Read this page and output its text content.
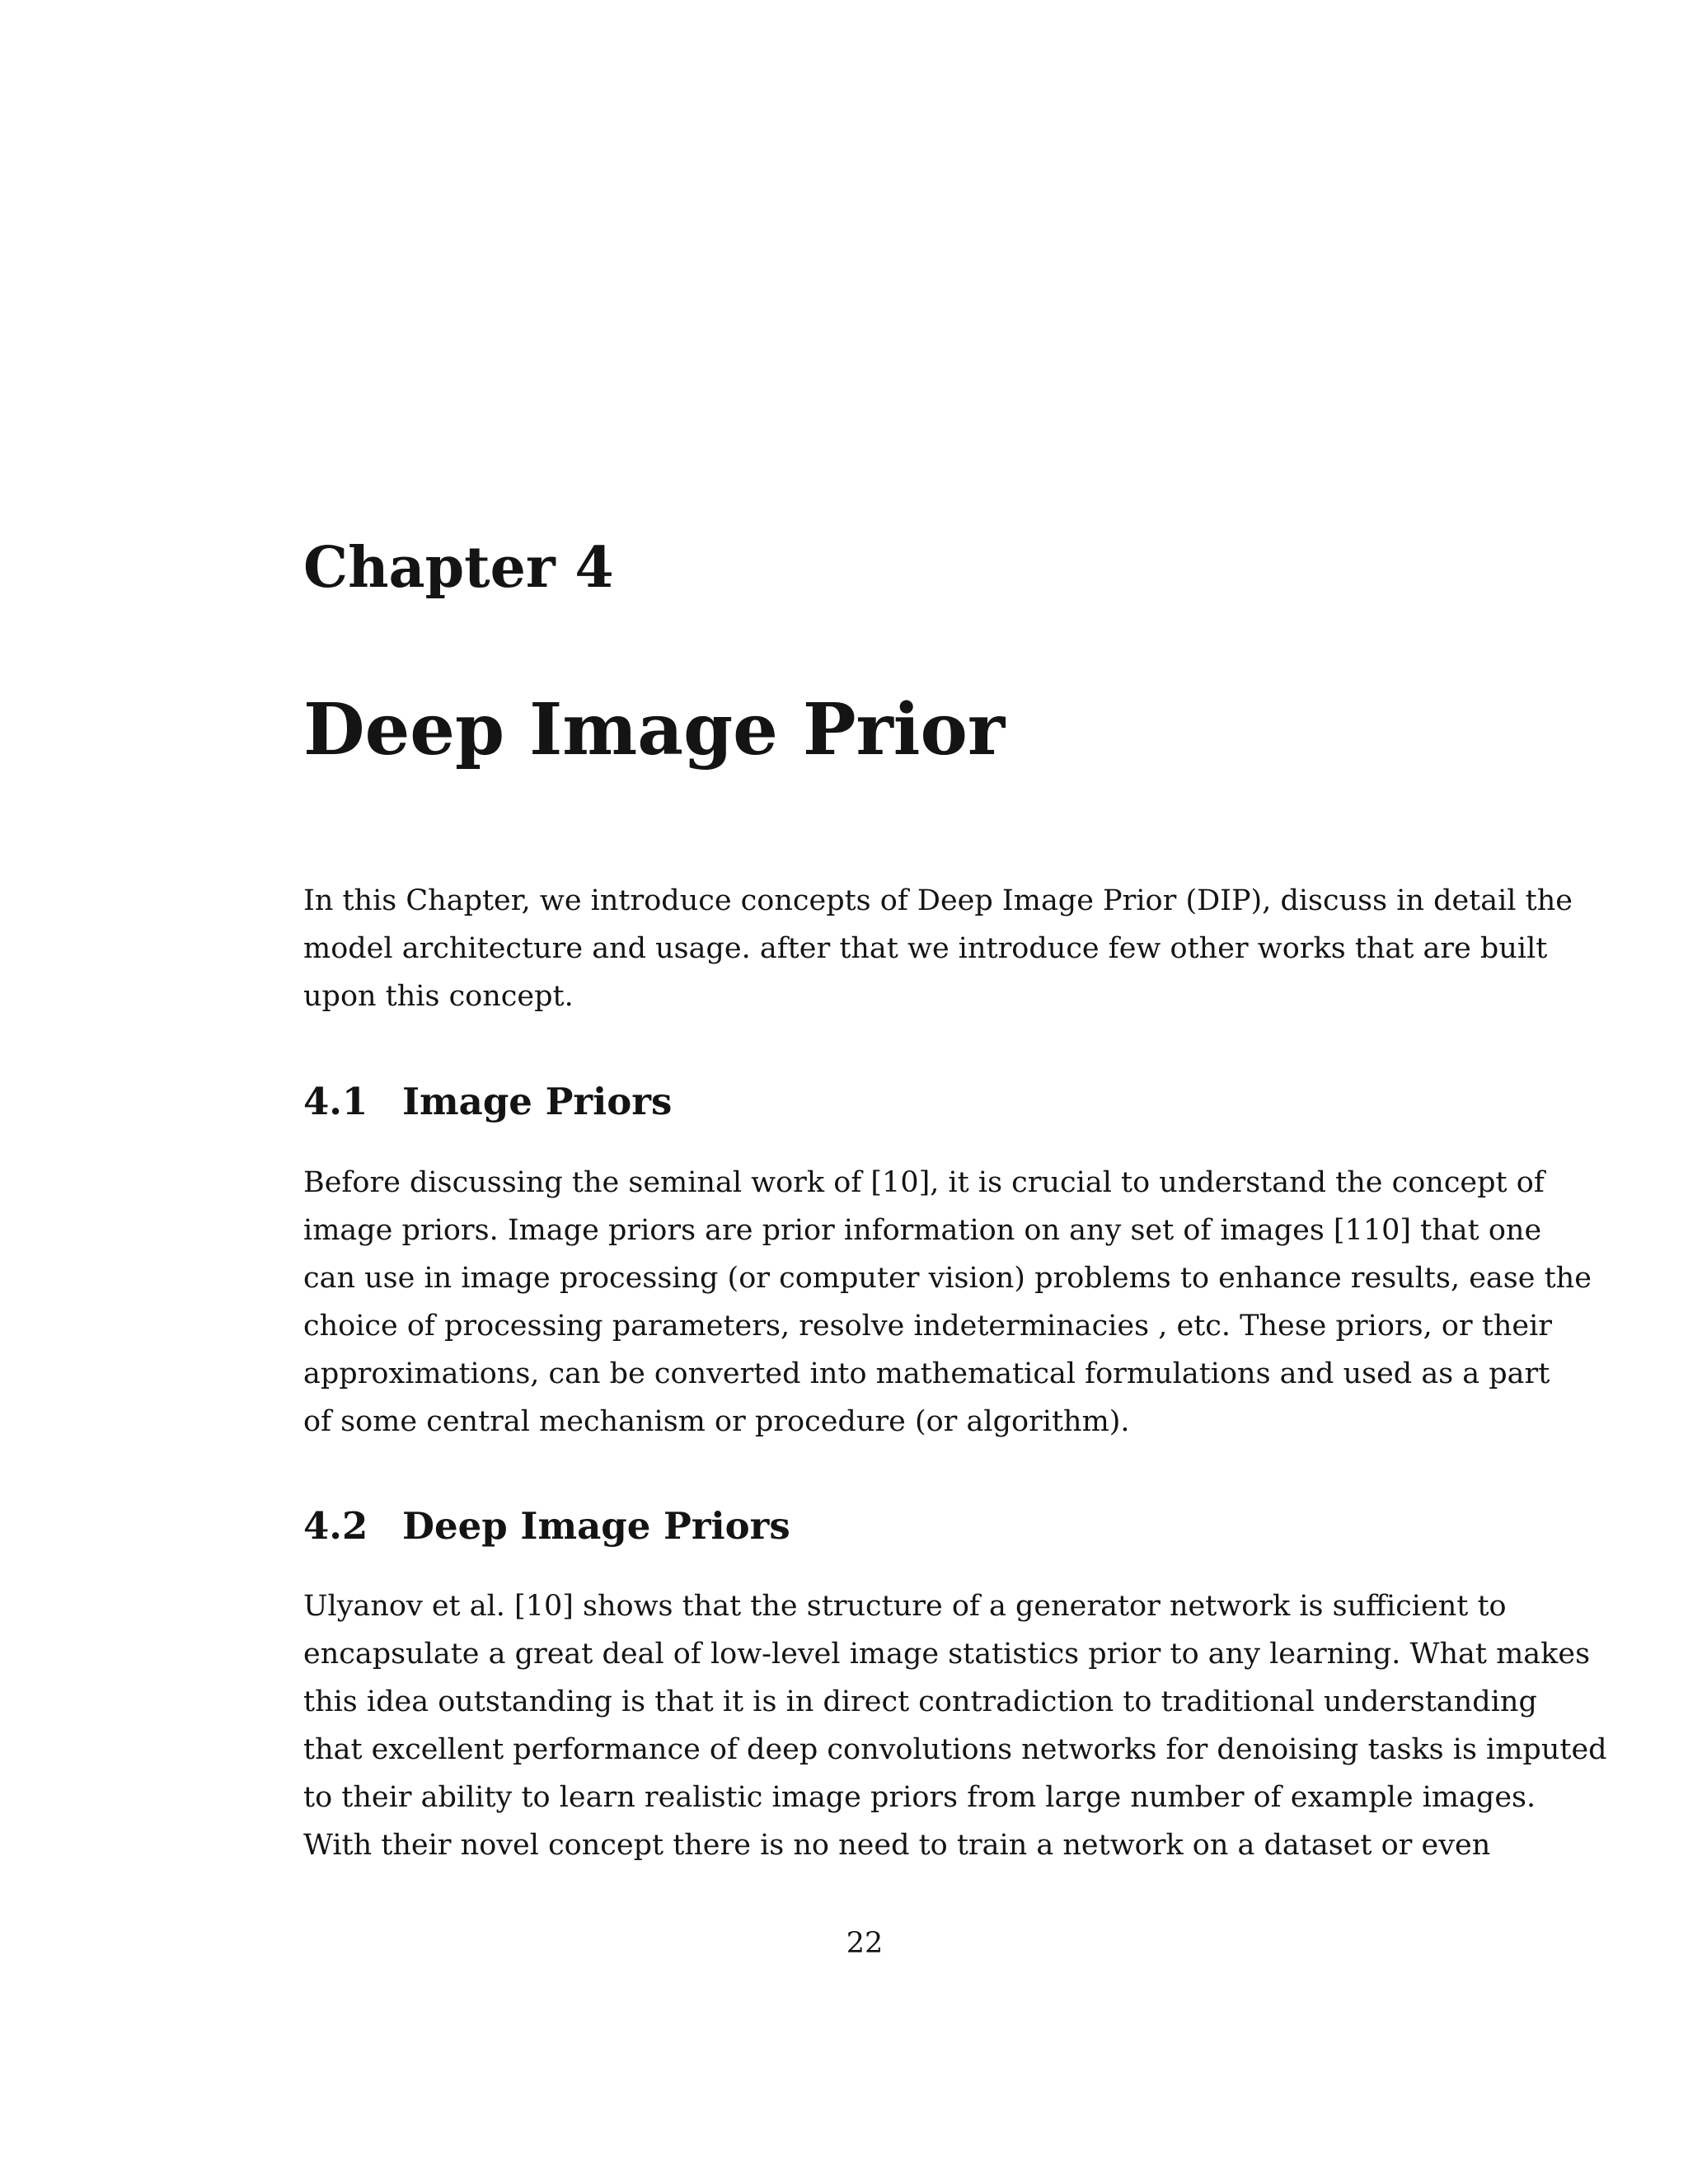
Chapter 4
Deep Image Prior
In this Chapter, we introduce concepts of Deep Image Prior (DIP), discuss in detail the
model architecture and usage. after that we introduce few other works that are built
upon this concept.
4.1 Image Priors
Before discussing the seminal work of [10], it is crucial to understand the concept of
image priors. Image priors are prior information on any set of images [110] that one
can use in image processing (or computer vision) problems to enhance results, ease the
choice of processing parameters, resolve indeterminacies , etc. These priors, or their
approximations, can be converted into mathematical formulations and used as a part
of some central mechanism or procedure (or algorithm).
4.2 Deep Image Priors
Ulyanov et al. [10] shows that the structure of a generator network is sufficient to
encapsulate a great deal of low-level image statistics prior to any learning. What makes
this idea outstanding is that it is in direct contradiction to traditional understanding
that excellent performance of deep convolutions networks for denoising tasks is imputed
to their ability to learn realistic image priors from large number of example images.
With their novel concept there is no need to train a network on a dataset or even
22
